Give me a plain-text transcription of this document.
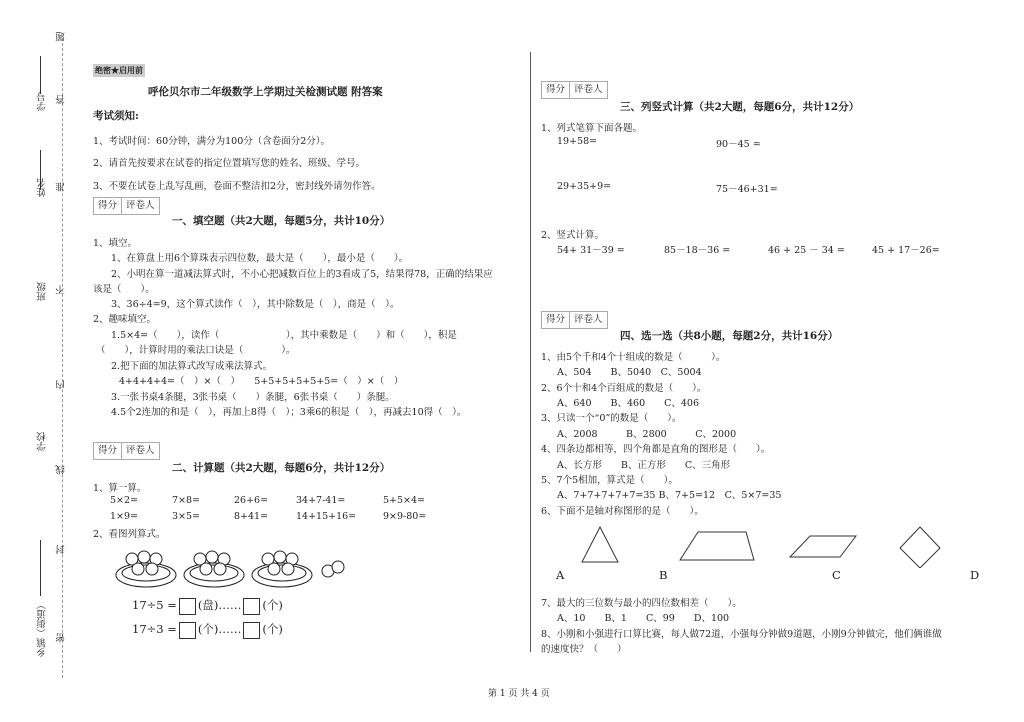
题
学号 答
姓名 准
班级 不
内
学校
线
封
乡镇（街道） 密
绝密★启用前
呼伦贝尔市二年级数学上学期过关检测试题 附答案
考试须知:
1、考试时间：60分钟，满分为100分（含卷面分2分）。
2、请首先按要求在试卷的指定位置填写您的姓名、班级、学号。
3、不要在试卷上乱写乱画，卷面不整洁扣2分，密封线外请勿作答。
得分 评卷人
一、填空题（共2大题，每题5分，共计10分）
1、填空。
1、在算盘上用6个算珠表示四位数，最大是（　　），最小是（　　）。
2、小明在算一道减法算式时，不小心把减数百位上的3看成了5，结果得78，正确的结果应
该是（　　）。
3、36÷4=9，这个算式读作（　），其中除数是（　），商是（　）。
2、趣味填空。
1.5×4=（　　），读作（　　　　　　　），其中乘数是（　　）和（　　），积是
（　　），计算时用的乘法口诀是（　　　　）。
2.把下面的加法算式改写成乘法算式。
4+4+4+4=（　）×（　）　　5+5+5+5+5+5=（　）×（　）
3.一张书桌4条腿，3张书桌（　　）条腿，6张书桌（　　）条腿。
4.5个2连加的和是（　），再加上8得（　）；3乘6的积是（　），再减去10得（　）。
得分 评卷人
二、计算题（共2大题，每题6分，共计12分）
1、算一算。
5×2=	7×8=	26+6=	34+7-41=	5+5×4=
1×9=	3×5=	8+41=	14+15+16=	9×9-80=
2、看图列算式。
17÷5 = (盘)…… (个)
17÷3 = (个)…… (个)
得分 评卷人
三、列竖式计算（共2大题，每题6分，共计12分）
1、列式笔算下面各题。
19+58=	90－45 =
29+35+9=	75－46+31=
2、竖式计算。
54+ 31－39 =	85－18－36 =	46 + 25 － 34 =	45 + 17－26=
得分 评卷人
四、选一选（共8小题，每题2分，共计16分）
1、由5个千和4个十组成的数是（　　　）。
A、504　　B、5040　C、5004
2、6个十和4个百组成的数是（　　）。
A、640　　B、460　　C、406
3、只读一个“0”的数是（　　）。
A、2008　　　B、2800　　　C、2000
4、四条边都相等，四个角都是直角的图形是（　　）。
A、长方形　　B、正方形　　C、三角形
5、7个5相加，算式是（　　）。
A、7+7+7+7+7=35 B、7+5=12　C、5×7=35
6、下面不是轴对称图形的是（　　）。
A	B	C	D
7、最大的三位数与最小的四位数相差（　　）。
A、10　　B、1　　C、99　　D、100
8、小刚和小强进行口算比赛，每人做72道，小强每分钟做9道题，小刚9分钟做完，他们俩谁做
的速度快？（　　）
第 1 页 共 4 页
